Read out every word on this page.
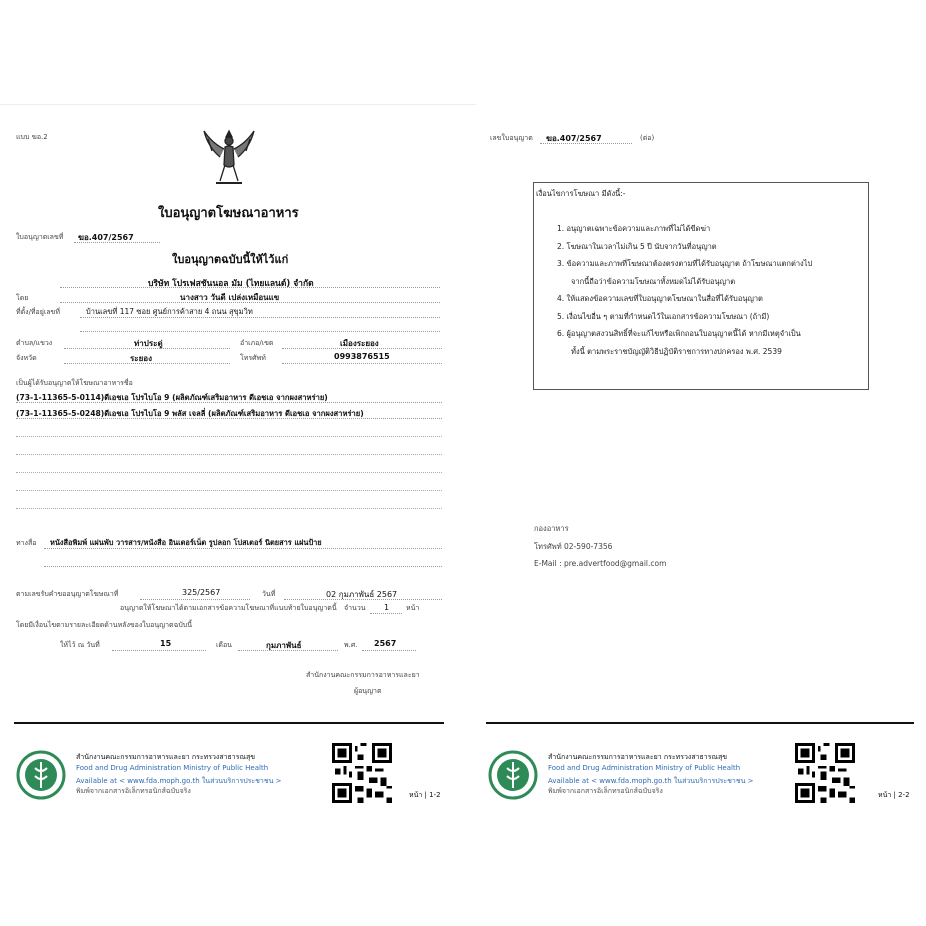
แบบ ฆอ.2
ใบอนุญาตโฆษณาอาหาร
ใบอนุญาตเลขที่ ฆอ.407/2567
ใบอนุญาตฉบับนี้ให้ไว้แก่
บริษัท โปรเฟสชันนอล มัม (ไทยแลนด์) จำกัด
โดย	นางสาว วันดี เปล่งเหมือนแข
ที่ตั้ง/ที่อยู่เลขที่	บ้านเลขที่ 117 ซอย ศูนย์การค้าสาย 4 ถนน สุขุมวิท
ตำบล/แขวง	ท่าประดู่	อำเภอ/เขต	เมืองระยอง
จังหวัด	ระยอง	โทรศัพท์	0993876515
เป็นผู้ได้รับอนุญาตให้โฆษณาอาหารชื่อ
(73-1-11365-5-0114)ดีเอชเอ โปรไบโอ 9 (ผลิตภัณฑ์เสริมอาหาร ดีเอชเอ จากผงสาหร่าย)
(73-1-11365-5-0248)ดีเอชเอ โปรไบโอ 9 พลัส เจลลี่ (ผลิตภัณฑ์เสริมอาหาร ดีเอชเอ จากผงสาหร่าย)
ทางสื่อ หนังสือพิมพ์ แผ่นพับ วารสาร/หนังสือ อินเตอร์เน็ต รูปลอก โปสเตอร์ นิตยสาร แผ่นป้าย
ตามเลขรับคำขออนุญาตโฆษณาที่	325/2567	วันที่	02 กุมภาพันธ์ 2567
อนุญาตให้โฆษณาได้ตามเอกสารข้อความโฆษณาที่แนบท้ายใบอนุญาตนี้ จำนวน 1 หน้า
โดยมีเงื่อนไขตามรายละเอียดด้านหลังของใบอนุญาตฉบับนี้
ให้ไว้ ณ วันที่	15	เดือน	กุมภาพันธ์	พ.ศ. 2567
สำนักงานคณะกรรมการอาหารและยา
ผู้อนุญาต
สำนักงานคณะกรรมการอาหารและยา กระทรวงสาธารณสุข
Food and Drug Administration Ministry of Public Health
Available at < www.fda.moph.go.th ในส่วนบริการประชาชน >
พิมพ์จากเอกสารอิเล็กทรอนิกส์ฉบับจริง	หน้า | 1-2
เลขใบอนุญาต ฆอ.407/2567	(ต่อ)
เงื่อนไขการโฆษณา มีดังนี้:-
1. อนุญาตเฉพาะข้อความและภาพที่ไม่ได้ขีดฆ่า
2. โฆษณาในเวลาไม่เกิน 5 ปี นับจากวันที่อนุญาต
3. ข้อความและภาพที่โฆษณาต้องตรงตามที่ได้รับอนุญาต ถ้าโฆษณาแตกต่างไป
จากนี้ถือว่าข้อความโฆษณาทั้งหมดไม่ได้รับอนุญาต
4. ให้แสดงข้อความเลขที่ใบอนุญาตโฆษณาในสื่อที่ได้รับอนุญาต
5. เงื่อนไขอื่น ๆ ตามที่กำหนดไว้ในเอกสารข้อความโฆษณา (ถ้ามี)
6. ผู้อนุญาตสงวนสิทธิ์ที่จะแก้ไขหรือเพิกถอนใบอนุญาตนี้ได้ หากมีเหตุจำเป็น
ทั้งนี้ ตามพระราชบัญญัติวิธีปฏิบัติราชการทางปกครอง พ.ศ. 2539
กองอาหาร
โทรศัพท์ 02-590-7356
E-Mail : pre.advertfood@gmail.com
สำนักงานคณะกรรมการอาหารและยา กระทรวงสาธารณสุข
Food and Drug Administration Ministry of Public Health
Available at < www.fda.moph.go.th ในส่วนบริการประชาชน >
พิมพ์จากเอกสารอิเล็กทรอนิกส์ฉบับจริง	หน้า | 2-2
